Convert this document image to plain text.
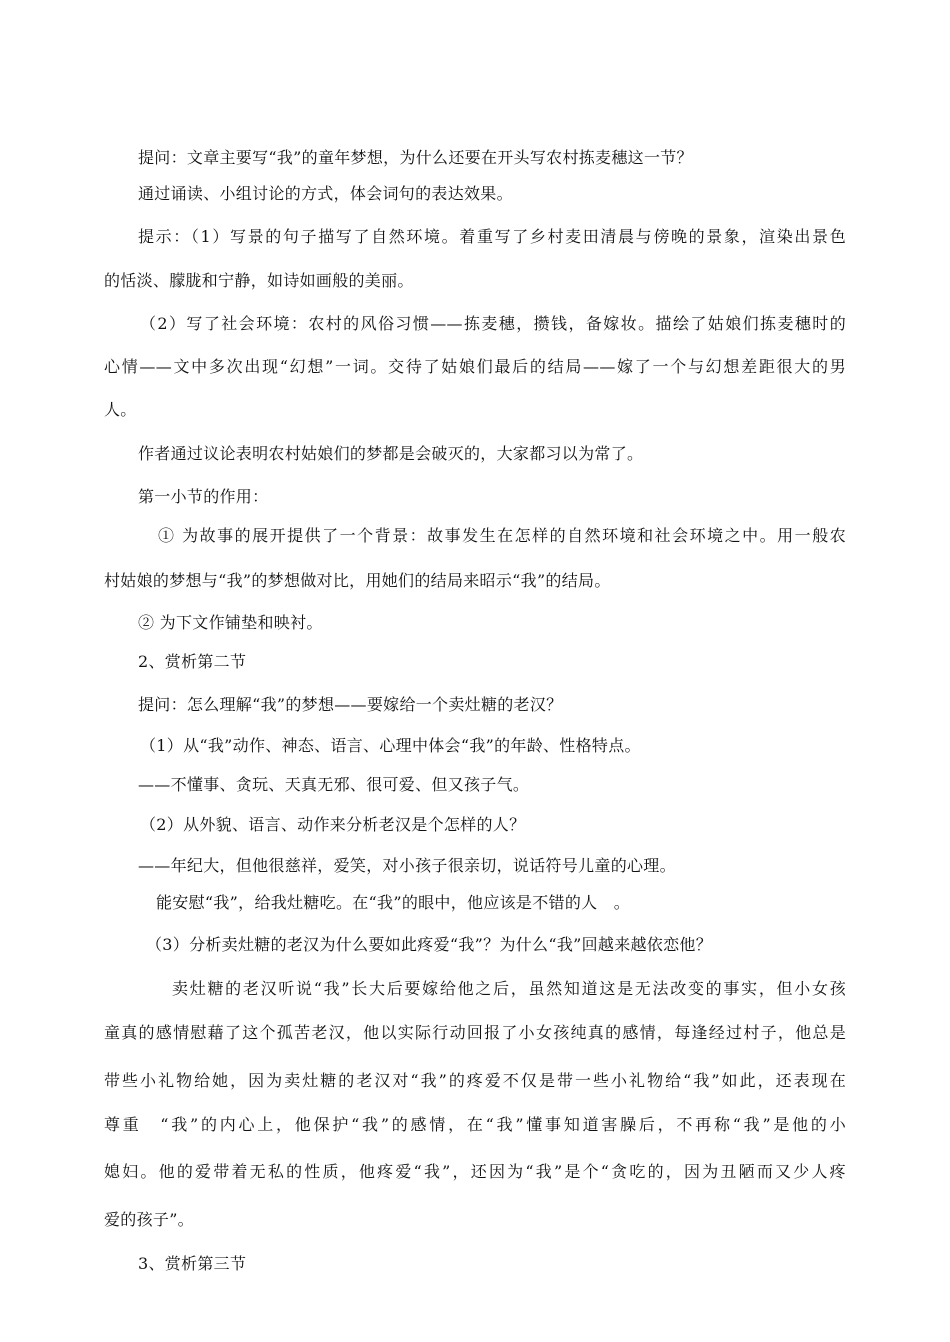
提问：文章主要写“我”的童年梦想，为什么还要在开头写农村拣麦穗这一节？
通过诵读、小组讨论的方式，体会词句的表达效果。
提示：（1）写景的句子描写了自然环境。着重写了乡村麦田清晨与傍晚的景象，渲染出景色
的恬淡、朦胧和宁静，如诗如画般的美丽。
（2）写了社会环境：农村的风俗习惯——拣麦穗，攒钱，备嫁妆。描绘了姑娘们拣麦穗时的
心情——文中多次出现“幻想”一词。交待了姑娘们最后的结局——嫁了一个与幻想差距很大的男
人。
作者通过议论表明农村姑娘们的梦都是会破灭的，大家都习以为常了。
第一小节的作用：
① 为故事的展开提供了一个背景：故事发生在怎样的自然环境和社会环境之中。用一般农
村姑娘的梦想与“我”的梦想做对比，用她们的结局来昭示“我”的结局。
② 为下文作铺垫和映衬。
2、赏析第二节
提问：怎么理解“我”的梦想——要嫁给一个卖灶糖的老汉？
（1）从“我”动作、神态、语言、心理中体会“我”的年龄、性格特点。
——不懂事、贪玩、天真无邪、很可爱、但又孩子气。
（2）从外貌、语言、动作来分析老汉是个怎样的人？
——年纪大，但他很慈祥，爱笑，对小孩子很亲切，说话符号儿童的心理。
能安慰“我”，给我灶糖吃。在“我”的眼中，他应该是不错的人　。
（3）分析卖灶糖的老汉为什么要如此疼爱“我”？为什么“我”回越来越依恋他？
卖灶糖的老汉听说“我”长大后要嫁给他之后，虽然知道这是无法改变的事实，但小女孩
童真的感情慰藉了这个孤苦老汉，他以实际行动回报了小女孩纯真的感情，每逢经过村子，他总是
带些小礼物给她，因为卖灶糖的老汉对“我”的疼爱不仅是带一些小礼物给“我”如此，还表现在
尊重　“我”的内心上，他保护“我”的感情，在“我”懂事知道害臊后，不再称“我”是他的小
媳妇。他的爱带着无私的性质，他疼爱“我”，还因为“我”是个“贪吃的，因为丑陋而又少人疼
爱的孩子”。
3、赏析第三节
